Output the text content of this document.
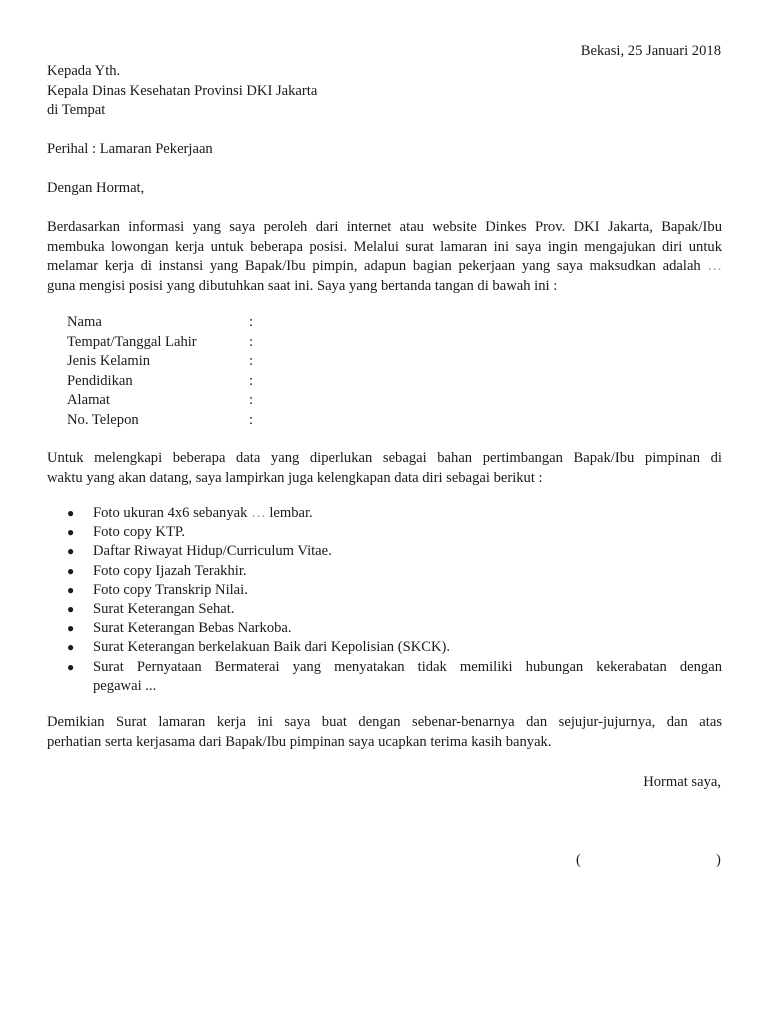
Bekasi, 25 Januari 2018
Kepada Yth.
Kepala Dinas Kesehatan Provinsi DKI Jakarta
di Tempat
Perihal : Lamaran Pekerjaan
Dengan Hormat,
Berdasarkan informasi yang saya peroleh dari internet atau website Dinkes Prov. DKI Jakarta, Bapak/Ibu
membuka lowongan kerja untuk beberapa posisi. Melalui surat lamaran ini saya ingin mengajukan diri untuk
melamar kerja di instansi yang Bapak/Ibu pimpin, adapun bagian pekerjaan yang saya maksudkan adalah …
guna mengisi posisi yang dibutuhkan saat ini. Saya yang bertanda tangan di bawah ini :
Nama	:
Tempat/Tanggal Lahir	:
Jenis Kelamin	:
Pendidikan	:
Alamat	:
No. Telepon	:
Untuk melengkapi beberapa data yang diperlukan sebagai bahan pertimbangan Bapak/Ibu pimpinan di
waktu yang akan datang, saya lampirkan juga kelengkapan data diri sebagai berikut :
● Foto ukuran 4x6 sebanyak … lembar.
● Foto copy KTP.
● Daftar Riwayat Hidup/Curriculum Vitae.
● Foto copy Ijazah Terakhir.
● Foto copy Transkrip Nilai.
● Surat Keterangan Sehat.
● Surat Keterangan Bebas Narkoba.
● Surat Keterangan berkelakuan Baik dari Kepolisian (SKCK).
● Surat Pernyataan Bermaterai yang menyatakan tidak memiliki hubungan kekerabatan dengan
pegawai ...
Demikian Surat lamaran kerja ini saya buat dengan sebenar-benarnya dan sejujur-jujurnya, dan atas
perhatian serta kerjasama dari Bapak/Ibu pimpinan saya ucapkan terima kasih banyak.
Hormat saya,
(	)
